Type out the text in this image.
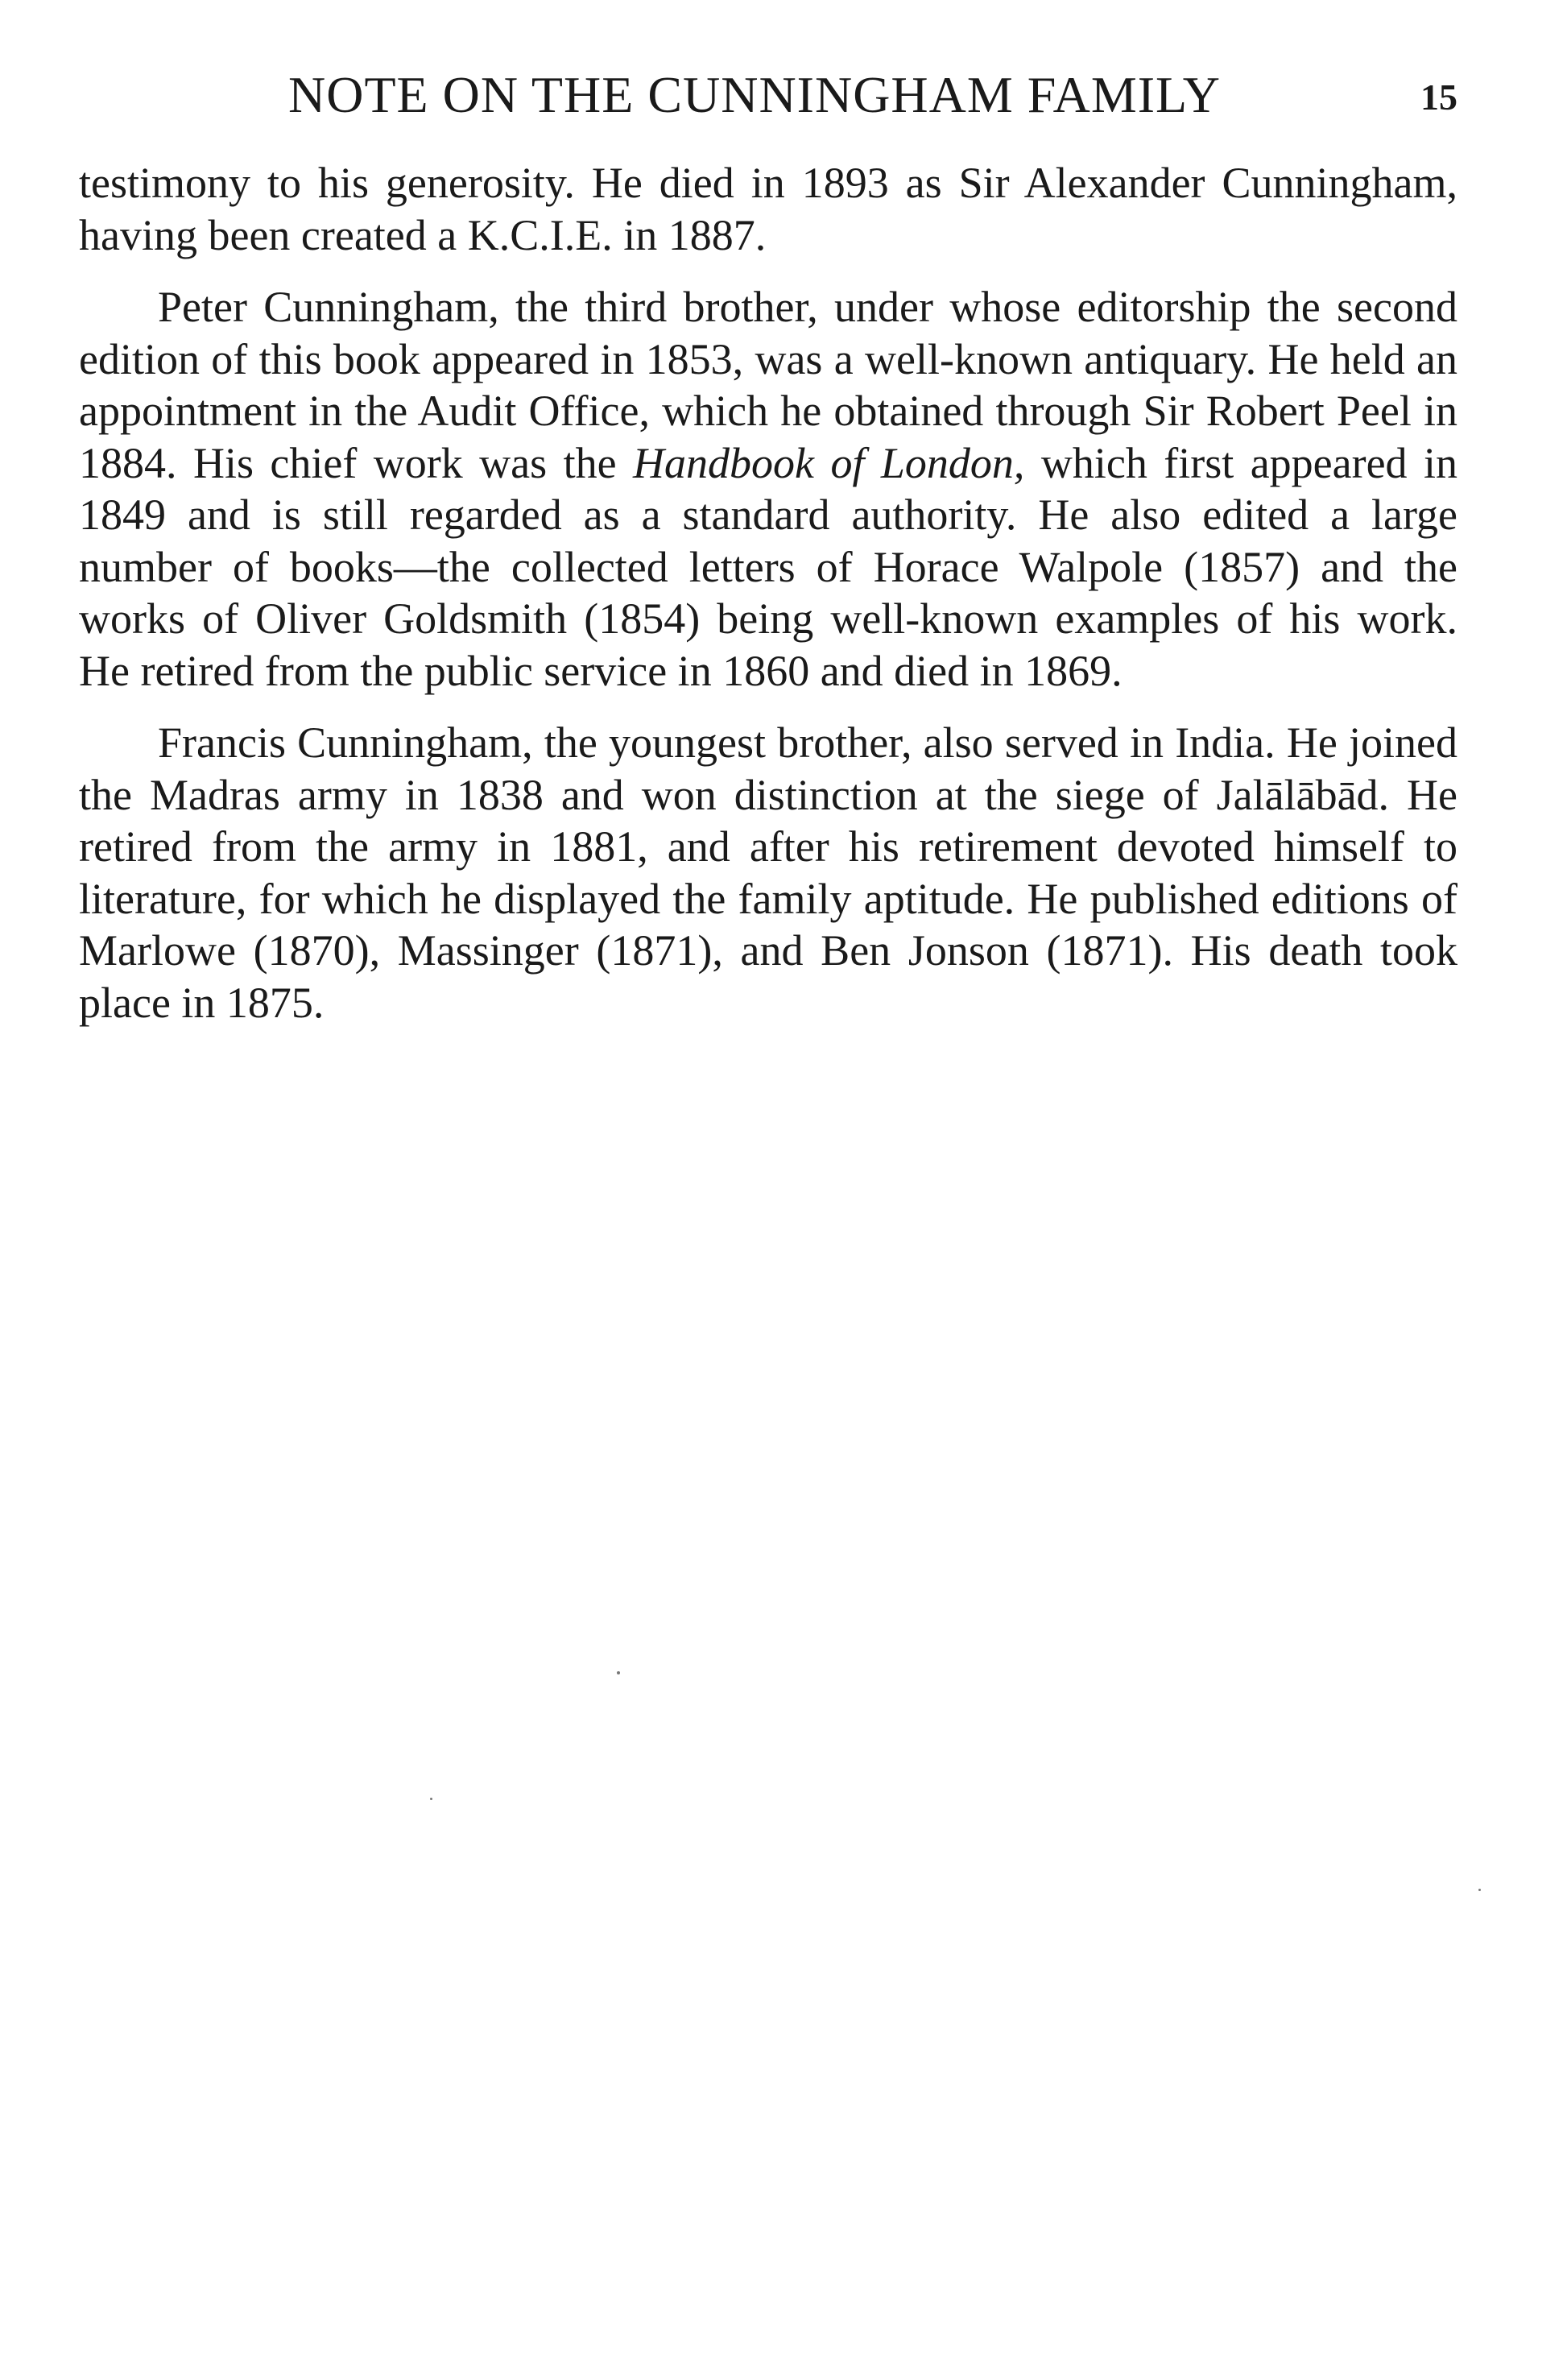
NOTE ON THE CUNNINGHAM FAMILY	15

testimony to his generosity. He died in 1893 as Sir Alexander Cunningham, having been created a K.C.I.E. in 1887.

Peter Cunningham, the third brother, under whose editorship the second edition of this book appeared in 1853, was a well-known antiquary. He held an appointment in the Audit Office, which he obtained through Sir Robert Peel in 1884. His chief work was the Handbook of London, which first appeared in 1849 and is still regarded as a standard authority. He also edited a large number of books—the collected letters of Horace Walpole (1857) and the works of Oliver Goldsmith (1854) being well-known examples of his work. He retired from the public service in 1860 and died in 1869.

Francis Cunningham, the youngest brother, also served in India. He joined the Madras army in 1838 and won distinction at the siege of Jalālābād. He retired from the army in 1881, and after his retirement devoted himself to literature, for which he displayed the family aptitude. He published editions of Marlowe (1870), Massinger (1871), and Ben Jonson (1871). His death took place in 1875.
